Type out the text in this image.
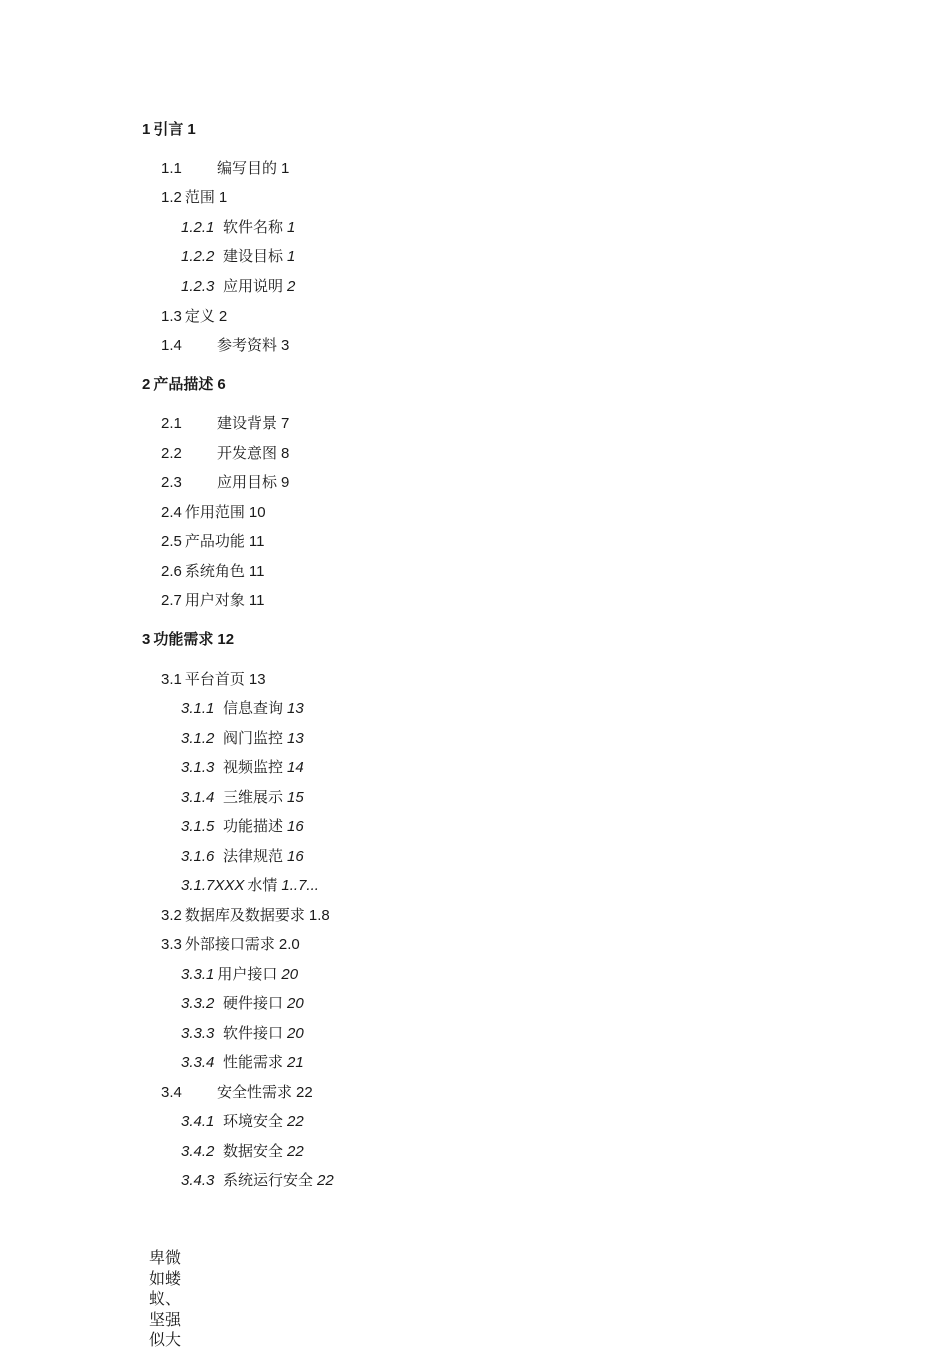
1 引言 1
1.1 编写目的 1
1.2 范围 1
1.2.1 软件名称 1
1.2.2 建设目标 1
1.2.3 应用说明 2
1.3 定义 2
1.4 参考资料 3
2 产品描述 6
2.1 建设背景 7
2.2 开发意图 8
2.3 应用目标 9
2.4 作用范围 10
2.5 产品功能 11
2.6 系统角色 11
2.7 用户对象 11
3 功能需求 12
3.1 平台首页 13
3.1.1 信息查询 13
3.1.2 阀门监控 13
3.1.3 视频监控 14
3.1.4 三维展示 15
3.1.5 功能描述 16
3.1.6 法律规范 16
3.1.7XXX 水情 1..7...
3.2 数据库及数据要求 1.8
3.3 外部接口需求 2.0
3.3.1 用户接口 20
3.3.2 硬件接口 20
3.3.3 软件接口 20
3.3.4 性能需求 21
3.4 安全性需求 22
3.4.1 环境安全 22
3.4.2 数据安全 22
3.4.3 系统运行安全 22
卑微如蝼蚁、坚强似大
